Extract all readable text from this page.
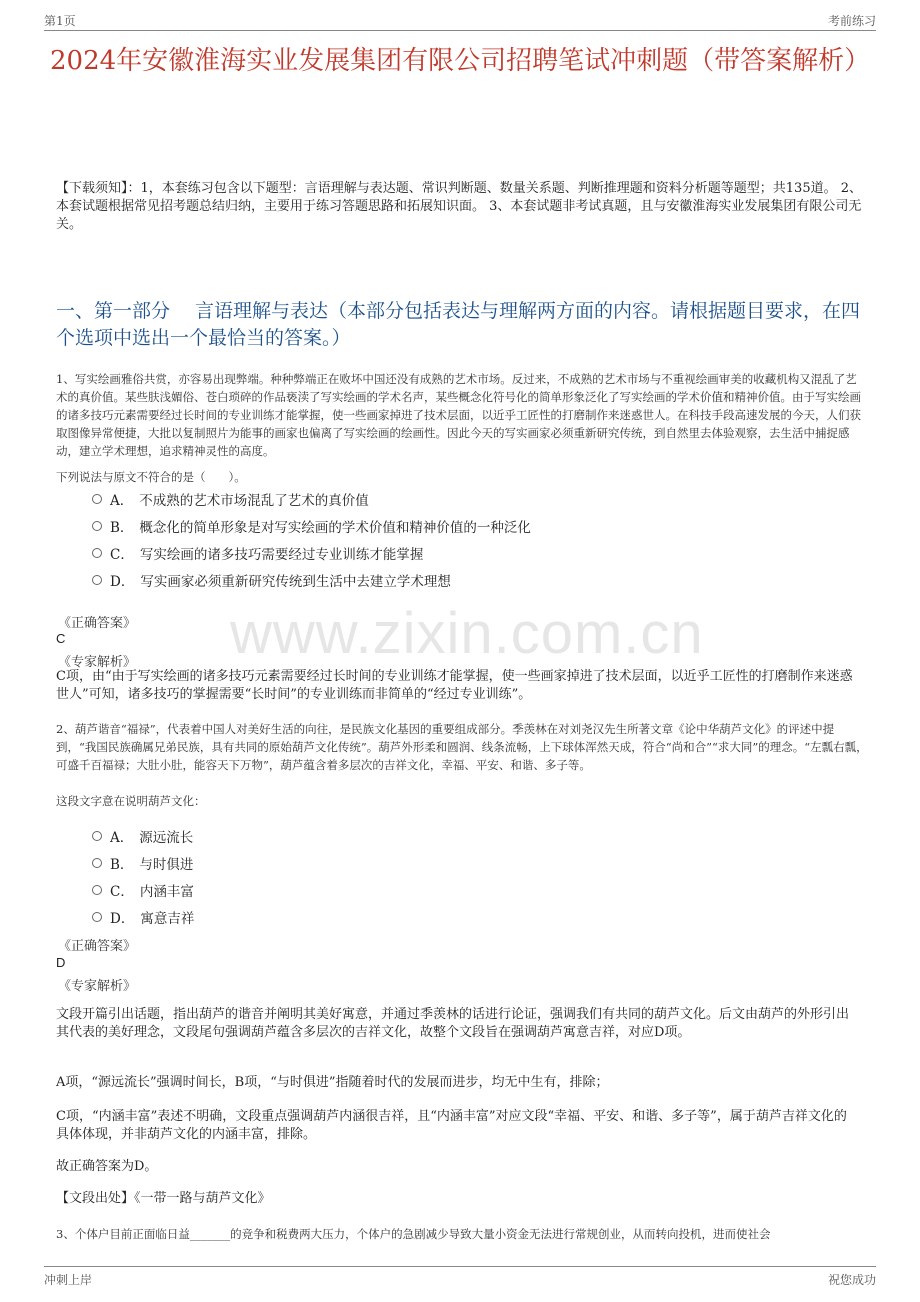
第1页	考前练习
2024年安徽淮海实业发展集团有限公司招聘笔试冲刺题（带答案解析）
【下载须知】：1，本套练习包含以下题型：言语理解与表达题、常识判断题、数量关系题、判断推理题和资料分析题等题型；共135道。 2、本套试题根据常见招考题总结归纳，主要用于练习答题思路和拓展知识面。 3、本套试题非考试真题，且与安徽淮海实业发展集团有限公司无关。
一、第一部分　 言语理解与表达（本部分包括表达与理解两方面的内容。请根据题目要求，在四个选项中选出一个最恰当的答案。）
www.zixin.com.cn
1、写实绘画雅俗共赏，亦容易出现弊端。种种弊端正在败坏中国还没有成熟的艺术市场。反过来，不成熟的艺术市场与不重视绘画审美的收藏机构又混乱了艺术的真价值。某些肤浅媚俗、苍白琐碎的作品亵渎了写实绘画的学术名声，某些概念化符号化的简单形象泛化了写实绘画的学术价值和精神价值。由于写实绘画的诸多技巧元素需要经过长时间的专业训练才能掌握，使一些画家掉进了技术层面，以近乎工匠性的打磨制作来迷惑世人。在科技手段高速发展的今天，人们获取图像异常便捷，大批以复制照片为能事的画家也偏离了写实绘画的绘画性。因此今天的写实画家必须重新研究传统，到自然里去体验观察，去生活中捕捉感动，建立学术理想，追求精神灵性的高度。
下列说法与原文不符合的是（　　）。
A． 不成熟的艺术市场混乱了艺术的真价值
B． 概念化的简单形象是对写实绘画的学术价值和精神价值的一种泛化
C． 写实绘画的诸多技巧需要经过专业训练才能掌握
D． 写实画家必须重新研究传统到生活中去建立学术理想
《正确答案》
C
《专家解析》
C项，由“由于写实绘画的诸多技巧元素需要经过长时间的专业训练才能掌握，使一些画家掉进了技术层面，以近乎工匠性的打磨制作来迷惑世人”可知，诸多技巧的掌握需要“长时间”的专业训练而非简单的“经过专业训练”。
2、葫芦谐音“福禄”，代表着中国人对美好生活的向往，是民族文化基因的重要组成部分。季羡林在对刘尧汉先生所著文章《论中华葫芦文化》的评述中提到，“我国民族确属兄弟民族，具有共同的原始葫芦文化传统”。葫芦外形柔和圆润、线条流畅，上下球体浑然天成，符合“尚和合”“求大同”的理念。“左瓢右瓢，可盛千百福禄；大肚小肚，能容天下万物”，葫芦蕴含着多层次的吉祥文化，幸福、平安、和谐、多子等。
这段文字意在说明葫芦文化：
A． 源远流长
B． 与时俱进
C． 内涵丰富
D． 寓意吉祥
《正确答案》
D
《专家解析》
文段开篇引出话题，指出葫芦的谐音并阐明其美好寓意，并通过季羡林的话进行论证，强调我们有共同的葫芦文化。后文由葫芦的外形引出其代表的美好理念，文段尾句强调葫芦蕴含多层次的吉祥文化，故整个文段旨在强调葫芦寓意吉祥，对应D项。
A项，“源远流长”强调时间长，B项，“与时俱进”指随着时代的发展而进步，均无中生有，排除；
C项，“内涵丰富”表述不明确，文段重点强调葫芦内涵很吉祥，且“内涵丰富”对应文段“幸福、平安、和谐、多子等”，属于葫芦吉祥文化的具体体现，并非葫芦文化的内涵丰富，排除。
故正确答案为D。
【文段出处】《一带一路与葫芦文化》
3、个体户目前正面临日益_______的竞争和税费两大压力，个体户的急剧减少导致大量小资金无法进行常规创业，从而转向投机，进而使社会
冲刺上岸	祝您成功
